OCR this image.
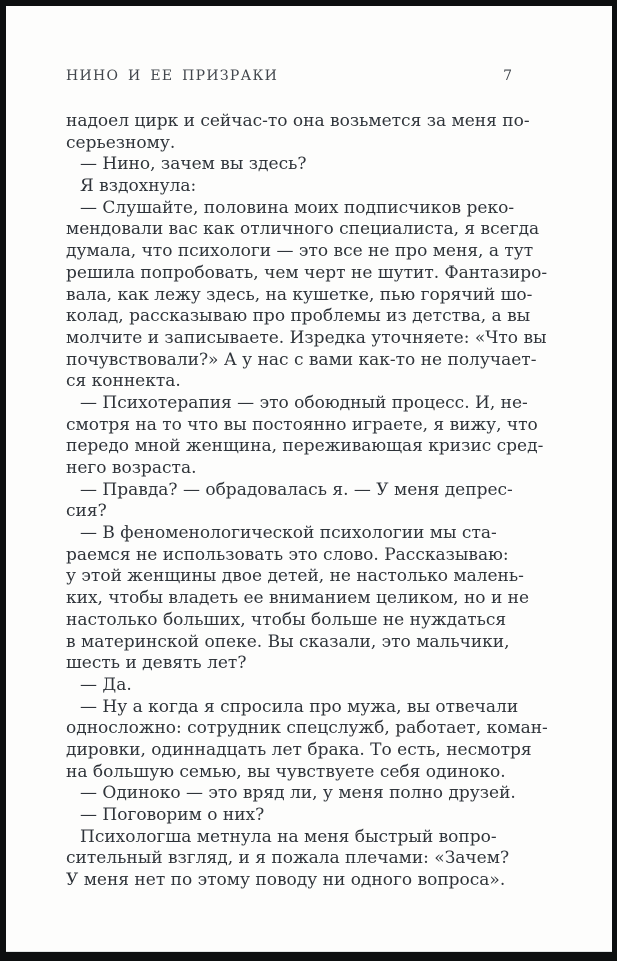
НИНО И ЕЕ ПРИЗРАКИ	7
надоел цирк и сейчас-то она возьмется за меня по-
серьезному.
— Нино, зачем вы здесь?
Я вздохнула:
— Слушайте, половина моих подписчиков реко-
мендовали вас как отличного специалиста, я всегда
думала, что психологи — это все не про меня, а тут
решила попробовать, чем черт не шутит. Фантазиро-
вала, как лежу здесь, на кушетке, пью горячий шо-
колад, рассказываю про проблемы из детства, а вы
молчите и записываете. Изредка уточняете: «Что вы
почувствовали?» А у нас с вами как-то не получает-
ся коннекта.
— Психотерапия — это обоюдный процесс. И, не-
смотря на то что вы постоянно играете, я вижу, что
передо мной женщина, переживающая кризис сред-
него возраста.
— Правда? — обрадовалась я. — У меня депрес-
сия?
— В феноменологической психологии мы ста-
раемся не использовать это слово. Рассказываю:
у этой женщины двое детей, не настолько малень-
ких, чтобы владеть ее вниманием целиком, но и не
настолько больших, чтобы больше не нуждаться
в материнской опеке. Вы сказали, это мальчики,
шесть и девять лет?
— Да.
— Ну а когда я спросила про мужа, вы отвечали
односложно: сотрудник спецслужб, работает, коман-
дировки, одиннадцать лет брака. То есть, несмотря
на большую семью, вы чувствуете себя одиноко.
— Одиноко — это вряд ли, у меня полно друзей.
— Поговорим о них?
Психологша метнула на меня быстрый вопро-
сительный взгляд, и я пожала плечами: «Зачем?
У меня нет по этому поводу ни одного вопроса».
